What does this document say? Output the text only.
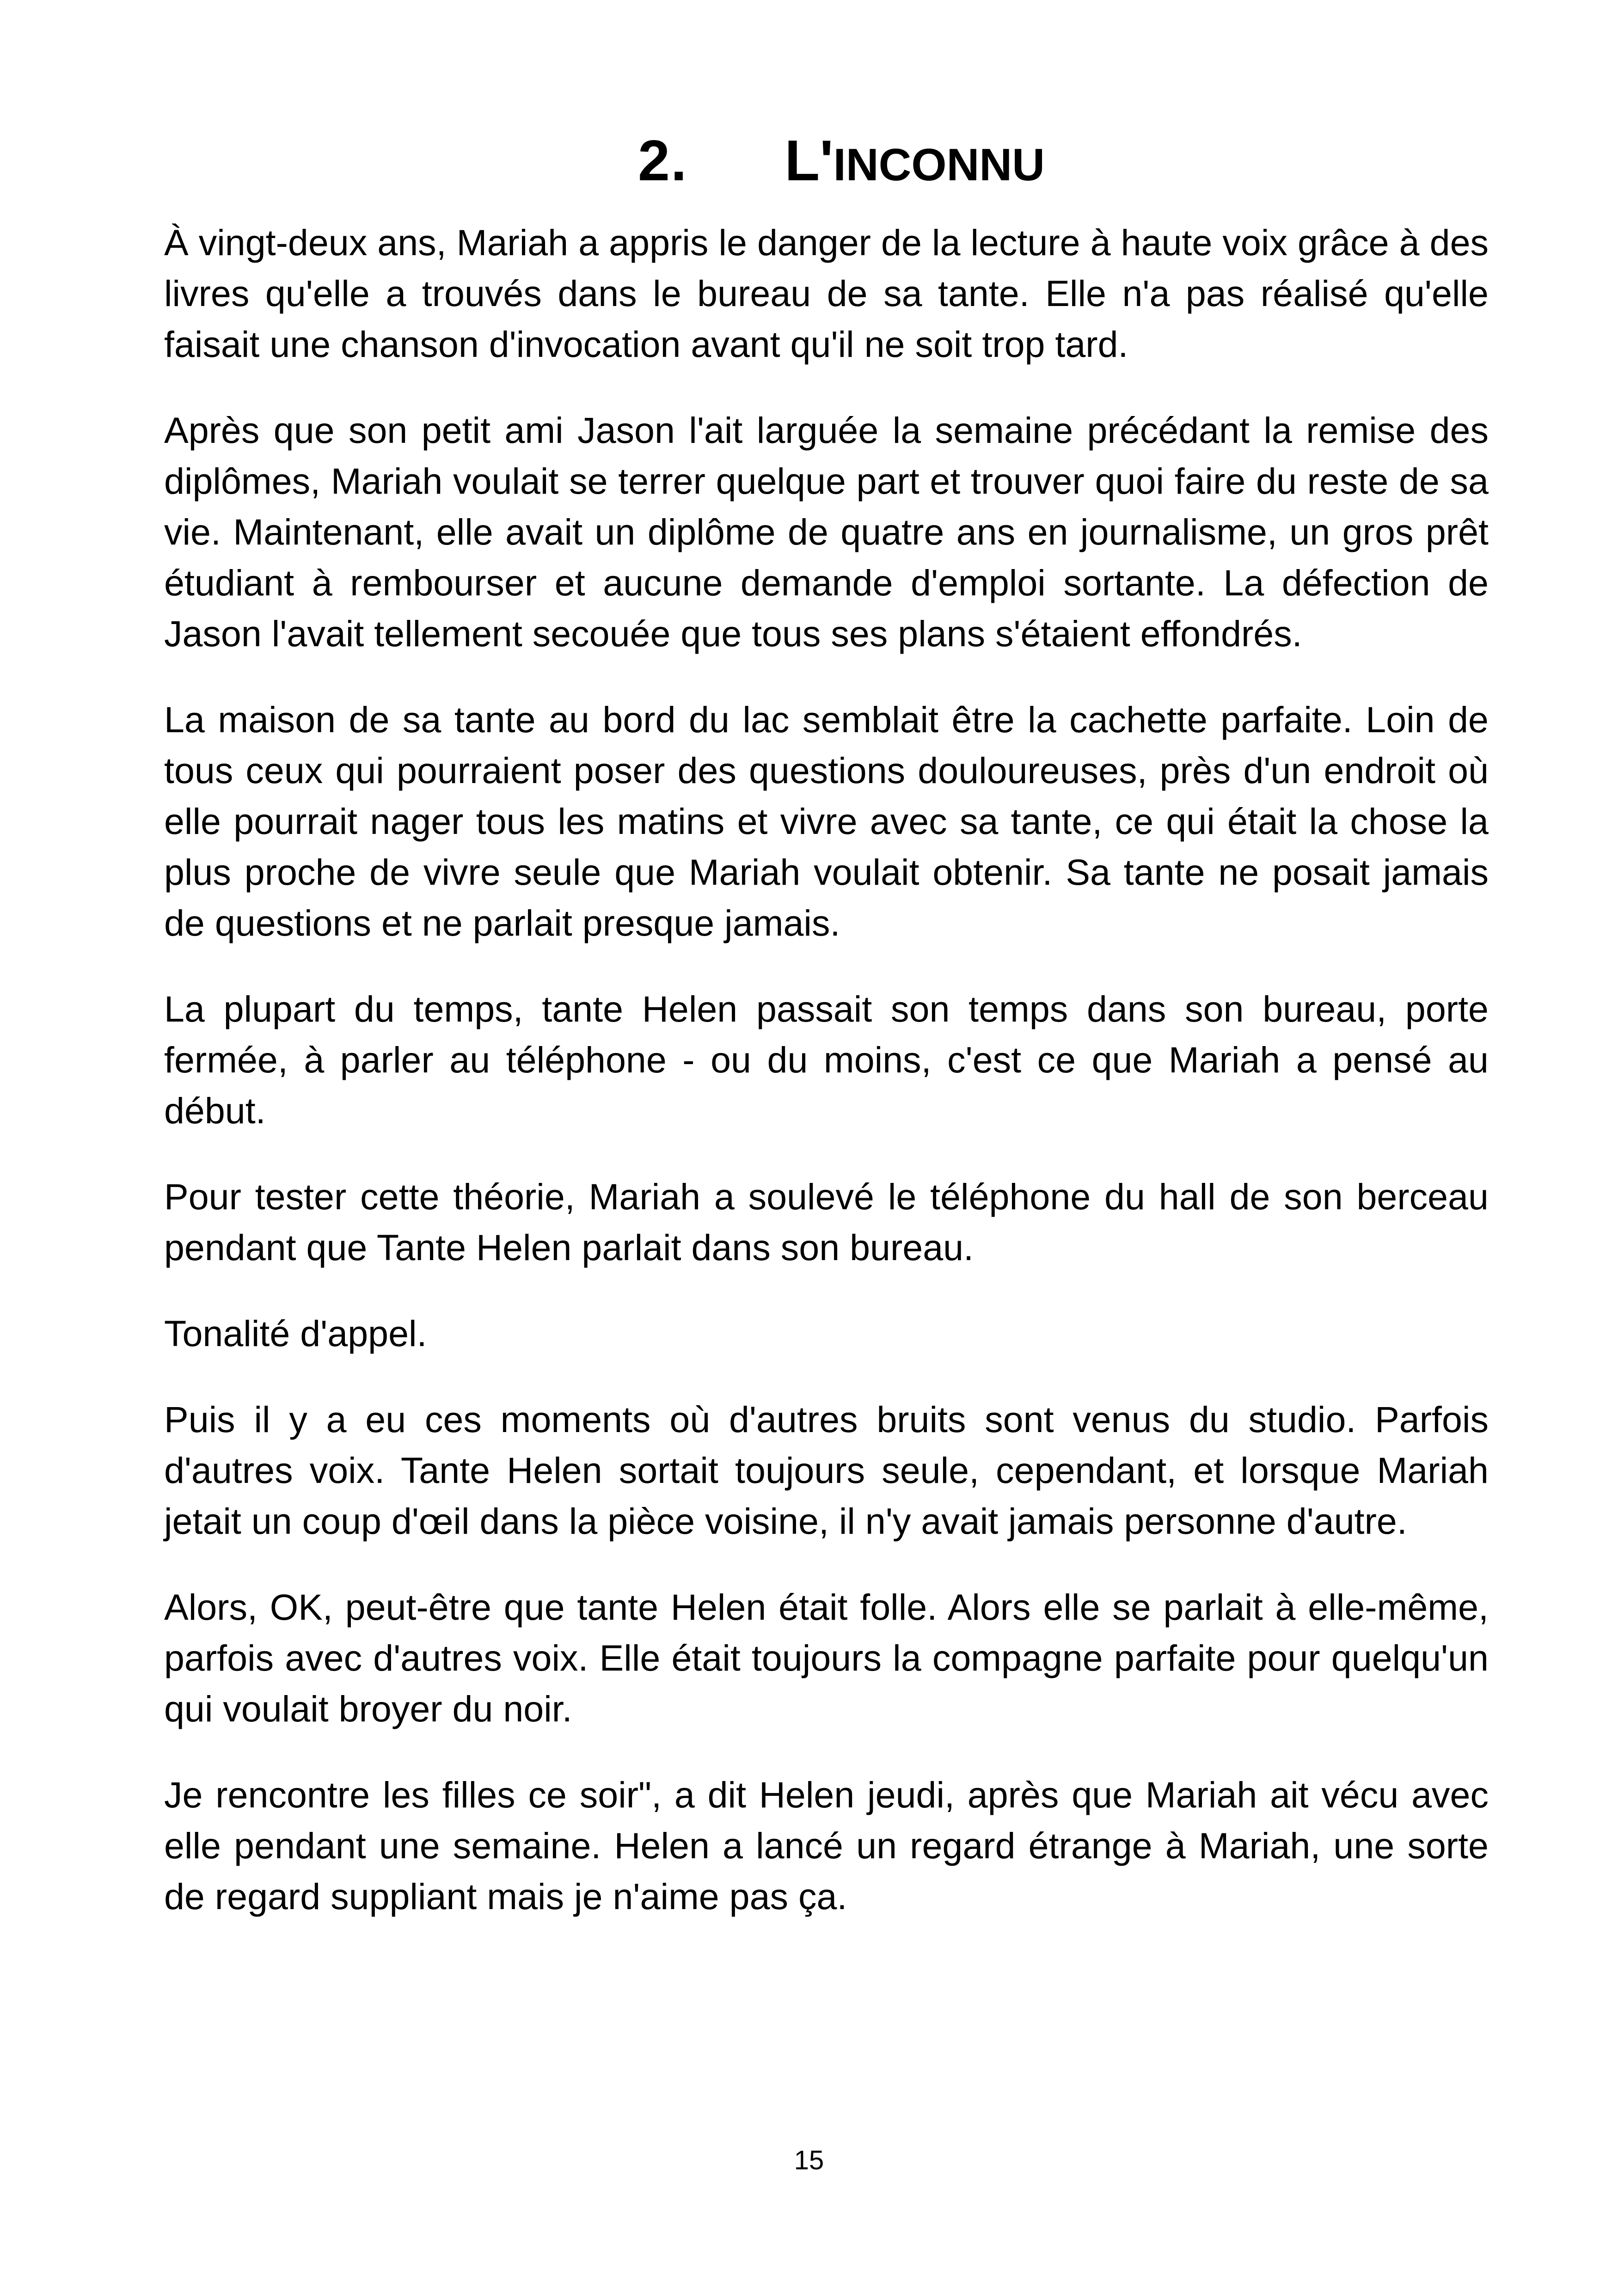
2. L'INCONNU

À vingt-deux ans, Mariah a appris le danger de la lecture à haute voix grâce à des livres qu'elle a trouvés dans le bureau de sa tante. Elle n'a pas réalisé qu'elle faisait une chanson d'invocation avant qu'il ne soit trop tard.

Après que son petit ami Jason l'ait larguée la semaine précédant la remise des diplômes, Mariah voulait se terrer quelque part et trouver quoi faire du reste de sa vie. Maintenant, elle avait un diplôme de quatre ans en journalisme, un gros prêt étudiant à rembourser et aucune demande d'emploi sortante. La défection de Jason l'avait tellement secouée que tous ses plans s'étaient effondrés.

La maison de sa tante au bord du lac semblait être la cachette parfaite. Loin de tous ceux qui pourraient poser des questions douloureuses, près d'un endroit où elle pourrait nager tous les matins et vivre avec sa tante, ce qui était la chose la plus proche de vivre seule que Mariah voulait obtenir. Sa tante ne posait jamais de questions et ne parlait presque jamais.

La plupart du temps, tante Helen passait son temps dans son bureau, porte fermée, à parler au téléphone - ou du moins, c'est ce que Mariah a pensé au début.

Pour tester cette théorie, Mariah a soulevé le téléphone du hall de son berceau pendant que Tante Helen parlait dans son bureau.

Tonalité d'appel.

Puis il y a eu ces moments où d'autres bruits sont venus du studio. Parfois d'autres voix. Tante Helen sortait toujours seule, cependant, et lorsque Mariah jetait un coup d'œil dans la pièce voisine, il n'y avait jamais personne d'autre.

Alors, OK, peut-être que tante Helen était folle. Alors elle se parlait à elle-même, parfois avec d'autres voix. Elle était toujours la compagne parfaite pour quelqu'un qui voulait broyer du noir.

Je rencontre les filles ce soir", a dit Helen jeudi, après que Mariah ait vécu avec elle pendant une semaine. Helen a lancé un regard étrange à Mariah, une sorte de regard suppliant mais je n'aime pas ça.

15
